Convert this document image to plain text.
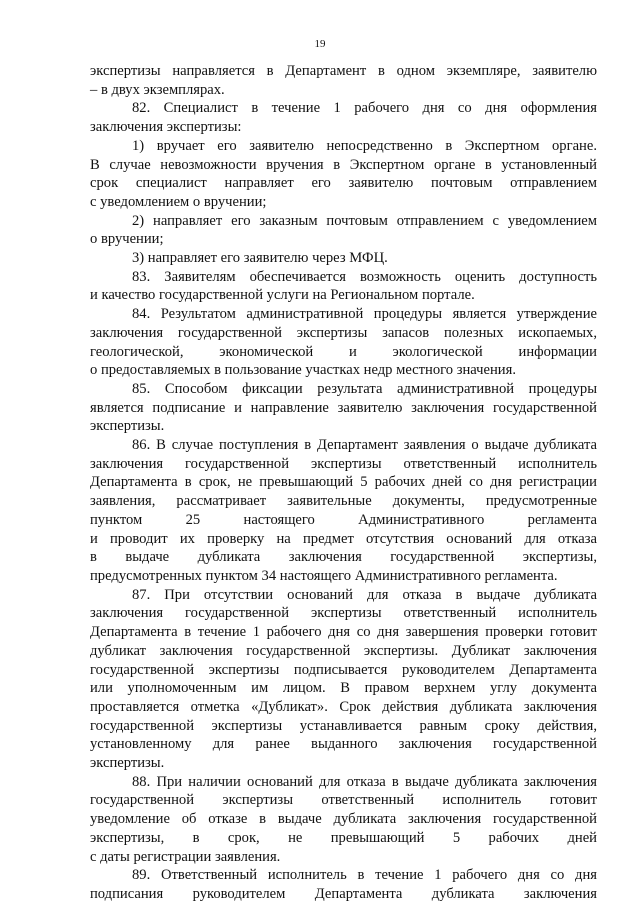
19

экспертизы направляется в Департамент в одном экземпляре, заявителю

– в двух экземплярах.

82. Специалист в течение 1 рабочего дня со дня оформления

заключения экспертизы:

1) вручает его заявителю непосредственно в Экспертном органе.

В случае невозможности вручения в Экспертном органе в установленный

срок специалист направляет его заявителю почтовым отправлением

с уведомлением о вручении;

2) направляет его заказным почтовым отправлением с уведомлением

о вручении;

3) направляет его заявителю через МФЦ.

83. Заявителям обеспечивается возможность оценить доступность

и качество государственной услуги на Региональном портале.

84. Результатом административной процедуры является утверждение

заключения государственной экспертизы запасов полезных ископаемых,

геологической, экономической и экологической информации

о предоставляемых в пользование участках недр местного значения.

85. Способом фиксации результата административной процедуры

является подписание и направление заявителю заключения государственной

экспертизы.

86. В случае поступления в Департамент заявления о выдаче дубликата

заключения государственной экспертизы ответственный исполнитель

Департамента в срок, не превышающий 5 рабочих дней со дня регистрации

заявления, рассматривает заявительные документы, предусмотренные

пунктом 25 настоящего Административного регламента

и проводит их проверку на предмет отсутствия оснований для отказа

в выдаче дубликата заключения государственной экспертизы,

предусмотренных пунктом 34 настоящего Административного регламента.

87. При отсутствии оснований для отказа в выдаче дубликата

заключения государственной экспертизы ответственный исполнитель

Департамента в течение 1 рабочего дня со дня завершения проверки готовит

дубликат заключения государственной экспертизы. Дубликат заключения

государственной экспертизы подписывается руководителем Департамента

или уполномоченным им лицом. В правом верхнем углу документа

проставляется отметка «Дубликат». Срок действия дубликата заключения

государственной экспертизы устанавливается равным сроку действия,

установленному для ранее выданного заключения государственной

экспертизы.

88. При наличии оснований для отказа в выдаче дубликата заключения

государственной экспертизы ответственный исполнитель готовит

уведомление об отказе в выдаче дубликата заключения государственной

экспертизы, в срок, не превышающий 5 рабочих дней

с даты регистрации заявления.

89. Ответственный исполнитель в течение 1 рабочего дня со дня

подписания руководителем Департамента дубликата заключения
